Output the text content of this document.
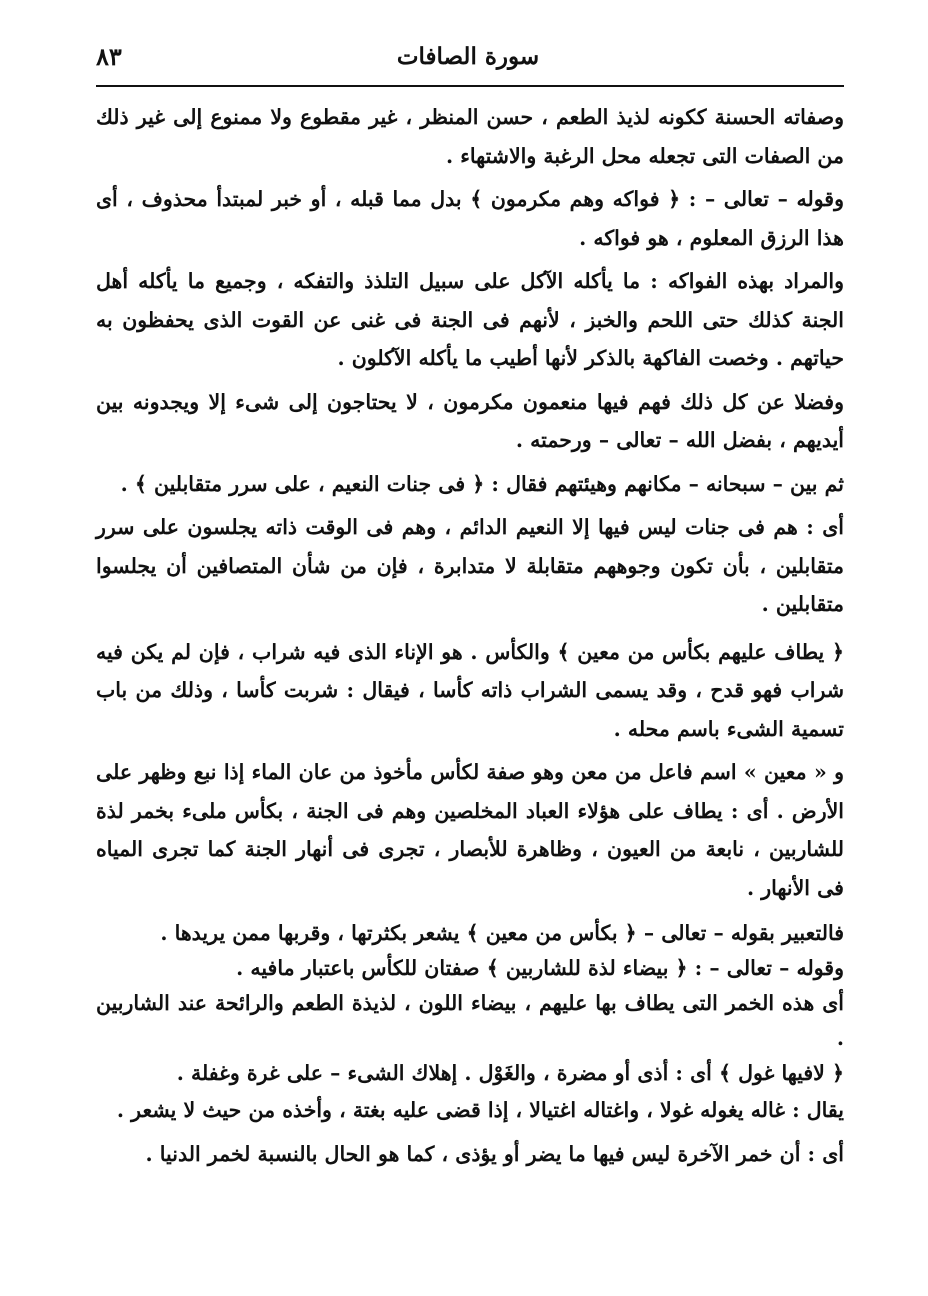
٨٣	سورة الصافات

وصفاته الحسنة ككونه لذيذ الطعم ، حسن المنظر ، غير مقطوع ولا ممنوع إلى غير ذلك من الصفات التى تجعله محل الرغبة والاشتهاء .

وقوله – تعالى – : ﴿ فواكه وهم مكرمون ﴾ بدل مما قبله ، أو خبر لمبتدأ محذوف ، أى هذا الرزق المعلوم ، هو فواكه .

والمراد بهذه الفواكه : ما يأكله الآكل على سبيل التلذذ والتفكه ، وجميع ما يأكله أهل الجنة كذلك حتى اللحم والخبز ، لأنهم فى الجنة فى غنى عن القوت الذى يحفظون به حياتهم . وخصت الفاكهة بالذكر لأنها أطيب ما يأكله الآكلون .

وفضلا عن كل ذلك فهم فيها منعمون مكرمون ، لا يحتاجون إلى شىء إلا ويجدونه بين أيديهم ، بفضل الله – تعالى – ورحمته .

ثم بين – سبحانه – مكانهم وهيئتهم فقال : ﴿ فى جنات النعيم ، على سرر متقابلين ﴾ .

أى : هم فى جنات ليس فيها إلا النعيم الدائم ، وهم فى الوقت ذاته يجلسون على سرر متقابلين ، بأن تكون وجوههم متقابلة لا متدابرة ، فإن من شأن المتصافين أن يجلسوا متقابلين .

﴿ يطاف عليهم بكأس من معين ﴾ والكأس . هو الإناء الذى فيه شراب ، فإن لم يكن فيه شراب فهو قدح ، وقد يسمى الشراب ذاته كأسا ، فيقال : شربت كأسا ، وذلك من باب تسمية الشىء باسم محله .

و « معين » اسم فاعل من معن وهو صفة لكأس مأخوذ من عان الماء إذا نبع وظهر على الأرض . أى : يطاف على هؤلاء العباد المخلصين وهم فى الجنة ، بكأس ملىء بخمر لذة للشاربين ، نابعة من العيون ، وظاهرة للأبصار ، تجرى فى أنهار الجنة كما تجرى المياه فى الأنهار .

فالتعبير بقوله – تعالى – ﴿ بكأس من معين ﴾ يشعر بكثرتها ، وقربها ممن يريدها .

وقوله – تعالى – : ﴿ بيضاء لذة للشاربين ﴾ صفتان للكأس باعتبار مافيه .

أى هذه الخمر التى يطاف بها عليهم ، بيضاء اللون ، لذيذة الطعم والرائحة عند الشاربين .

﴿ لافيها غول ﴾ أى : أذى أو مضرة ، والغَوْل . إهلاك الشىء – على غرة وغفلة .

يقال : غاله يغوله غولا ، واغتاله اغتيالا ، إذا قضى عليه بغتة ، وأخذه من حيث لا يشعر .

أى : أن خمر الآخرة ليس فيها ما يضر أو يؤذى ، كما هو الحال بالنسبة لخمر الدنيا .
